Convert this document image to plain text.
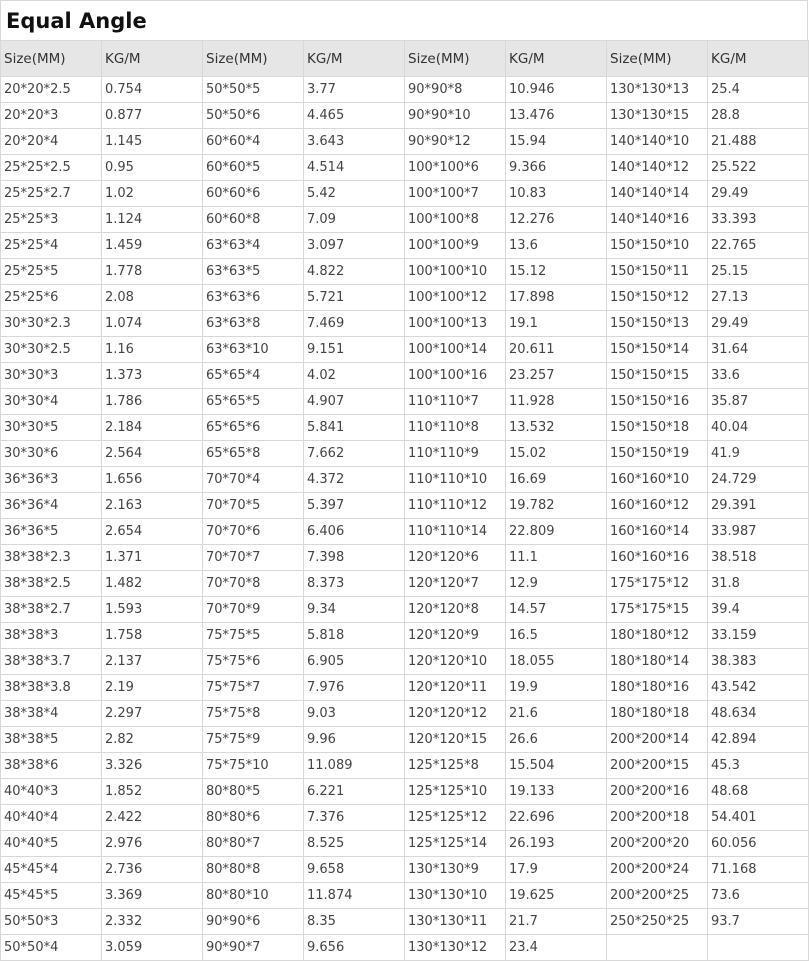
Equal Angle
Size(MM)	KG/M	Size(MM)	KG/M	Size(MM)	KG/M	Size(MM)	KG/M
20*20*2.5	0.754	50*50*5	3.77	90*90*8	10.946	130*130*13	25.4
20*20*3	0.877	50*50*6	4.465	90*90*10	13.476	130*130*15	28.8
20*20*4	1.145	60*60*4	3.643	90*90*12	15.94	140*140*10	21.488
25*25*2.5	0.95	60*60*5	4.514	100*100*6	9.366	140*140*12	25.522
25*25*2.7	1.02	60*60*6	5.42	100*100*7	10.83	140*140*14	29.49
25*25*3	1.124	60*60*8	7.09	100*100*8	12.276	140*140*16	33.393
25*25*4	1.459	63*63*4	3.097	100*100*9	13.6	150*150*10	22.765
25*25*5	1.778	63*63*5	4.822	100*100*10	15.12	150*150*11	25.15
25*25*6	2.08	63*63*6	5.721	100*100*12	17.898	150*150*12	27.13
30*30*2.3	1.074	63*63*8	7.469	100*100*13	19.1	150*150*13	29.49
30*30*2.5	1.16	63*63*10	9.151	100*100*14	20.611	150*150*14	31.64
30*30*3	1.373	65*65*4	4.02	100*100*16	23.257	150*150*15	33.6
30*30*4	1.786	65*65*5	4.907	110*110*7	11.928	150*150*16	35.87
30*30*5	2.184	65*65*6	5.841	110*110*8	13.532	150*150*18	40.04
30*30*6	2.564	65*65*8	7.662	110*110*9	15.02	150*150*19	41.9
36*36*3	1.656	70*70*4	4.372	110*110*10	16.69	160*160*10	24.729
36*36*4	2.163	70*70*5	5.397	110*110*12	19.782	160*160*12	29.391
36*36*5	2.654	70*70*6	6.406	110*110*14	22.809	160*160*14	33.987
38*38*2.3	1.371	70*70*7	7.398	120*120*6	11.1	160*160*16	38.518
38*38*2.5	1.482	70*70*8	8.373	120*120*7	12.9	175*175*12	31.8
38*38*2.7	1.593	70*70*9	9.34	120*120*8	14.57	175*175*15	39.4
38*38*3	1.758	75*75*5	5.818	120*120*9	16.5	180*180*12	33.159
38*38*3.7	2.137	75*75*6	6.905	120*120*10	18.055	180*180*14	38.383
38*38*3.8	2.19	75*75*7	7.976	120*120*11	19.9	180*180*16	43.542
38*38*4	2.297	75*75*8	9.03	120*120*12	21.6	180*180*18	48.634
38*38*5	2.82	75*75*9	9.96	120*120*15	26.6	200*200*14	42.894
38*38*6	3.326	75*75*10	11.089	125*125*8	15.504	200*200*15	45.3
40*40*3	1.852	80*80*5	6.221	125*125*10	19.133	200*200*16	48.68
40*40*4	2.422	80*80*6	7.376	125*125*12	22.696	200*200*18	54.401
40*40*5	2.976	80*80*7	8.525	125*125*14	26.193	200*200*20	60.056
45*45*4	2.736	80*80*8	9.658	130*130*9	17.9	200*200*24	71.168
45*45*5	3.369	80*80*10	11.874	130*130*10	19.625	200*200*25	73.6
50*50*3	2.332	90*90*6	8.35	130*130*11	21.7	250*250*25	93.7
50*50*4	3.059	90*90*7	9.656	130*130*12	23.4		
